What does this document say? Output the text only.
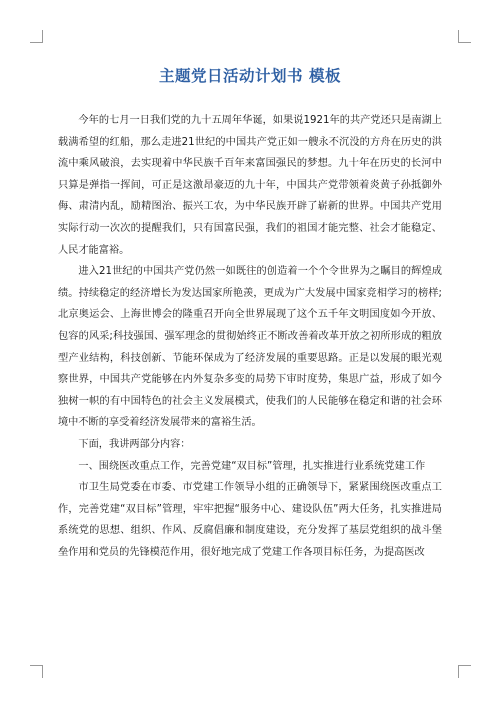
主题党日活动计划书 模板

今年的七月一日我们党的九十五周年华诞，如果说1921年的共产党还只是南湖上载满希望的红船，那么走进21世纪的中国共产党正如一艘永不沉没的方舟在历史的洪流中乘风破浪，去实现着中华民族千百年来富国强民的梦想。九十年在历史的长河中只算是弹指一挥间，可正是这激昂豪迈的九十年，中国共产党带领着炎黄子孙抵御外侮、肃清内乱，励精图治、振兴工农，为中华民族开辟了崭新的世界。中国共产党用实际行动一次次的提醒我们，只有国富民强，我们的祖国才能完整、社会才能稳定、人民才能富裕。

进入21世纪的中国共产党仍然一如既往的创造着一个个令世界为之瞩目的辉煌成绩。持续稳定的经济增长为发达国家所艳羡，更成为广大发展中国家竞相学习的榜样;北京奥运会、上海世博会的隆重召开向全世界展现了这个五千年文明国度如今开放、包容的风采;科技强国、强军理念的贯彻始终正不断改善着改革开放之初所形成的粗放型产业结构，科技创新、节能环保成为了经济发展的重要思路。正是以发展的眼光观察世界，中国共产党能够在内外复杂多变的局势下审时度势，集思广益，形成了如今独树一帜的有中国特色的社会主义发展模式，使我们的人民能够在稳定和谐的社会环境中不断的享受着经济发展带来的富裕生活。

下面，我讲两部分内容：

一、围绕医改重点工作，完善党建“双目标”管理，扎实推进行业系统党建工作

市卫生局党委在市委、市党建工作领导小组的正确领导下，紧紧围绕医改重点工作，完善党建“双目标”管理，牢牢把握“服务中心、建设队伍”两大任务，扎实推进局系统党的思想、组织、作风、反腐倡廉和制度建设，充分发挥了基层党组织的战斗堡垒作用和党员的先锋模范作用，很好地完成了党建工作各项目标任务，为提高医改
